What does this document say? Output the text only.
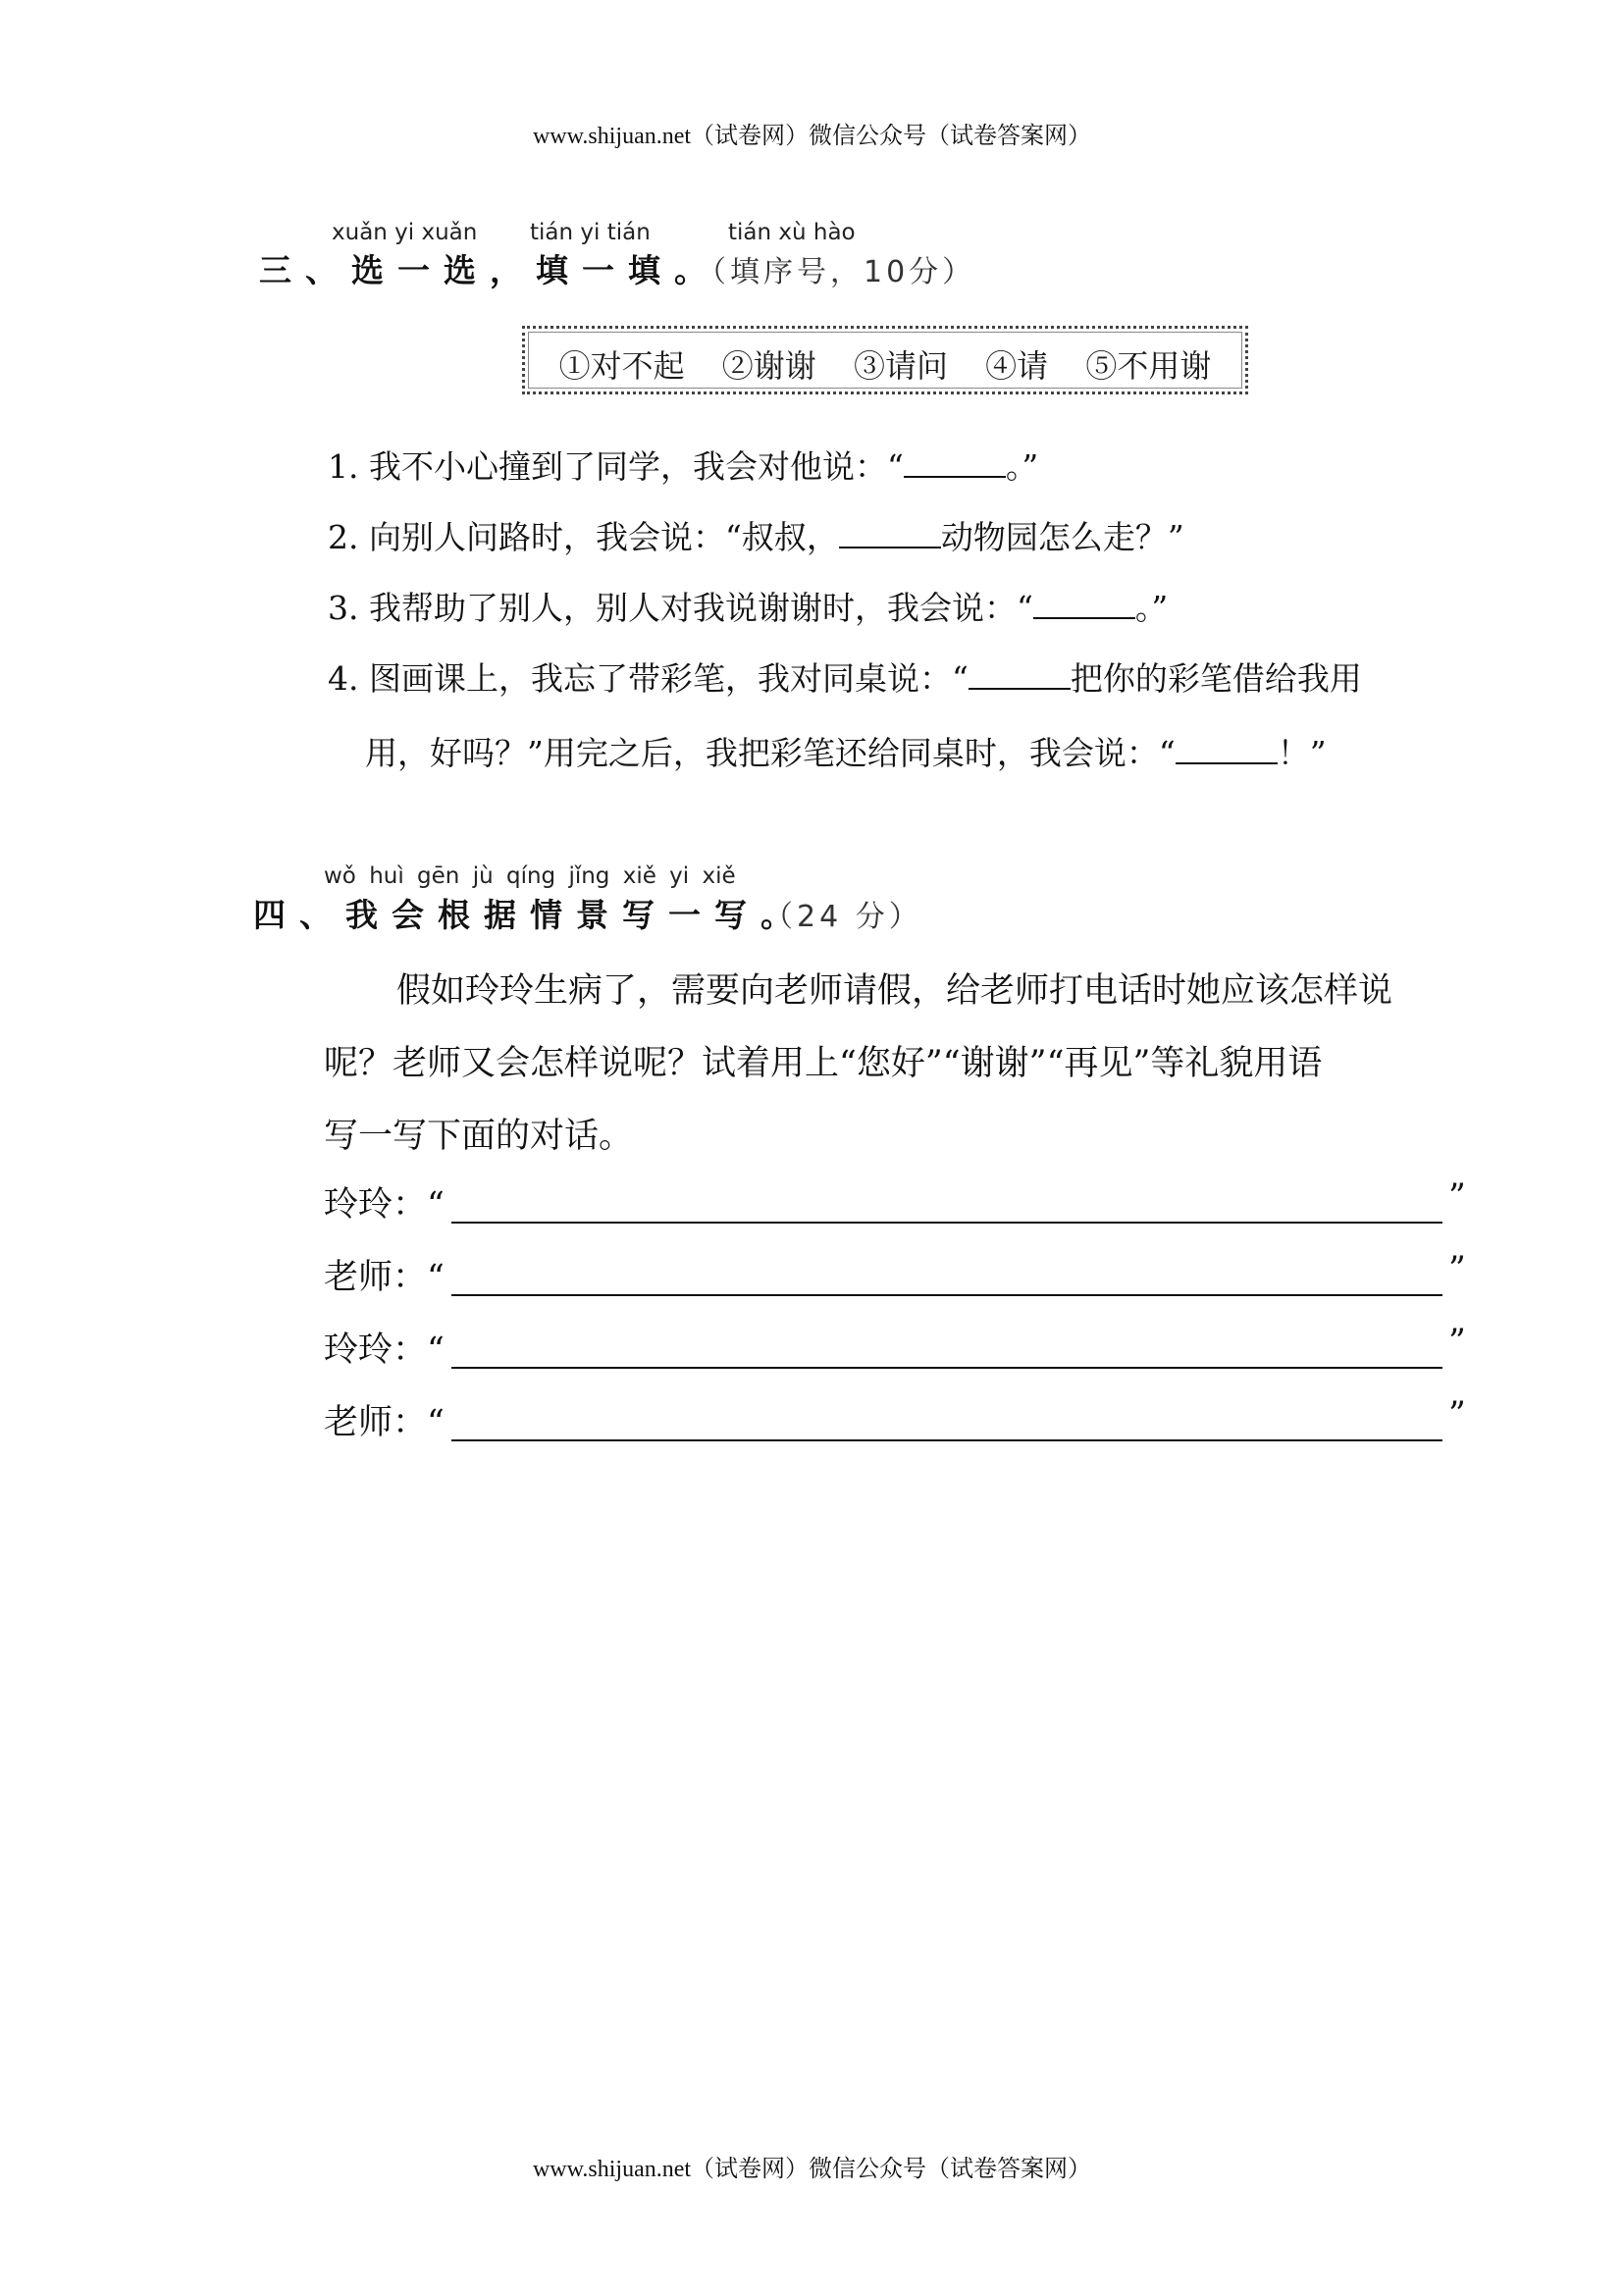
www.shijuan.net（试卷网）微信公众号（试卷答案网）
www.shijuan.net（试卷网）微信公众号（试卷答案网）
xuǎn yi xuǎn tián yi tián	tián xù hào
三、选一选，填一填。
（填序号，10分）
①对不起 ②谢谢 ③请问 ④请 ⑤不用谢
1. 我不小心撞到了同学，我会对他说：“	。”
2. 向别人问路时，我会说：“叔叔，	动物园怎么走？”
3. 我帮助了别人，别人对我说谢谢时，我会说：“	。”
4. 图画课上，我忘了带彩笔，我对同桌说：“	把你的彩笔借给我用
用，好吗？”用完之后，我把彩笔还给同桌时，我会说：“	！”
wǒ huì gēn jù qíng jǐng xiě yi xiě
四、我会根据情景写一写。
（24 分）
假如玲玲生病了，需要向老师请假，给老师打电话时她应该怎样说
呢？老师又会怎样说呢？试着用上“您好”“谢谢”“再见”等礼貌用语
写一写下面的对话。
玲玲：“	”
老师：“	”
玲玲：“	”
老师：“	”
